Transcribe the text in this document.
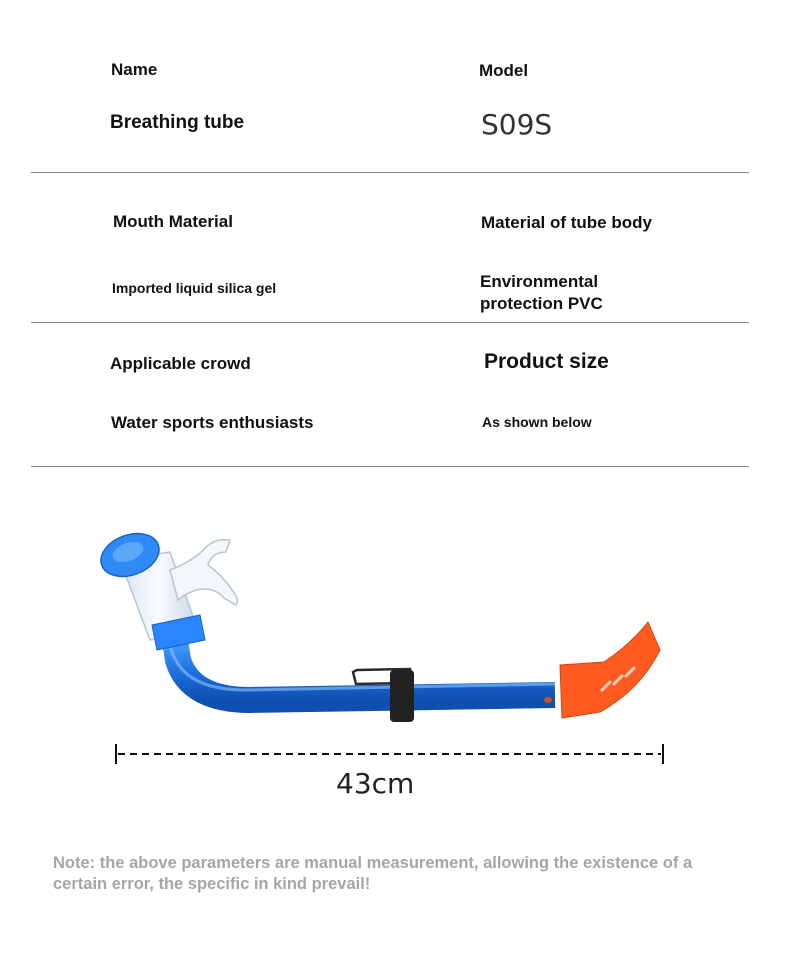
Name	Model
Breathing tube	S09S
Mouth Material	Material of tube body
Imported liquid silica gel	Environmental
protection PVC
Applicable crowd	Product size
Water sports enthusiasts	As shown below
43cm
Note: the above parameters are manual measurement, allowing the existence of a
certain error, the specific in kind prevail!
